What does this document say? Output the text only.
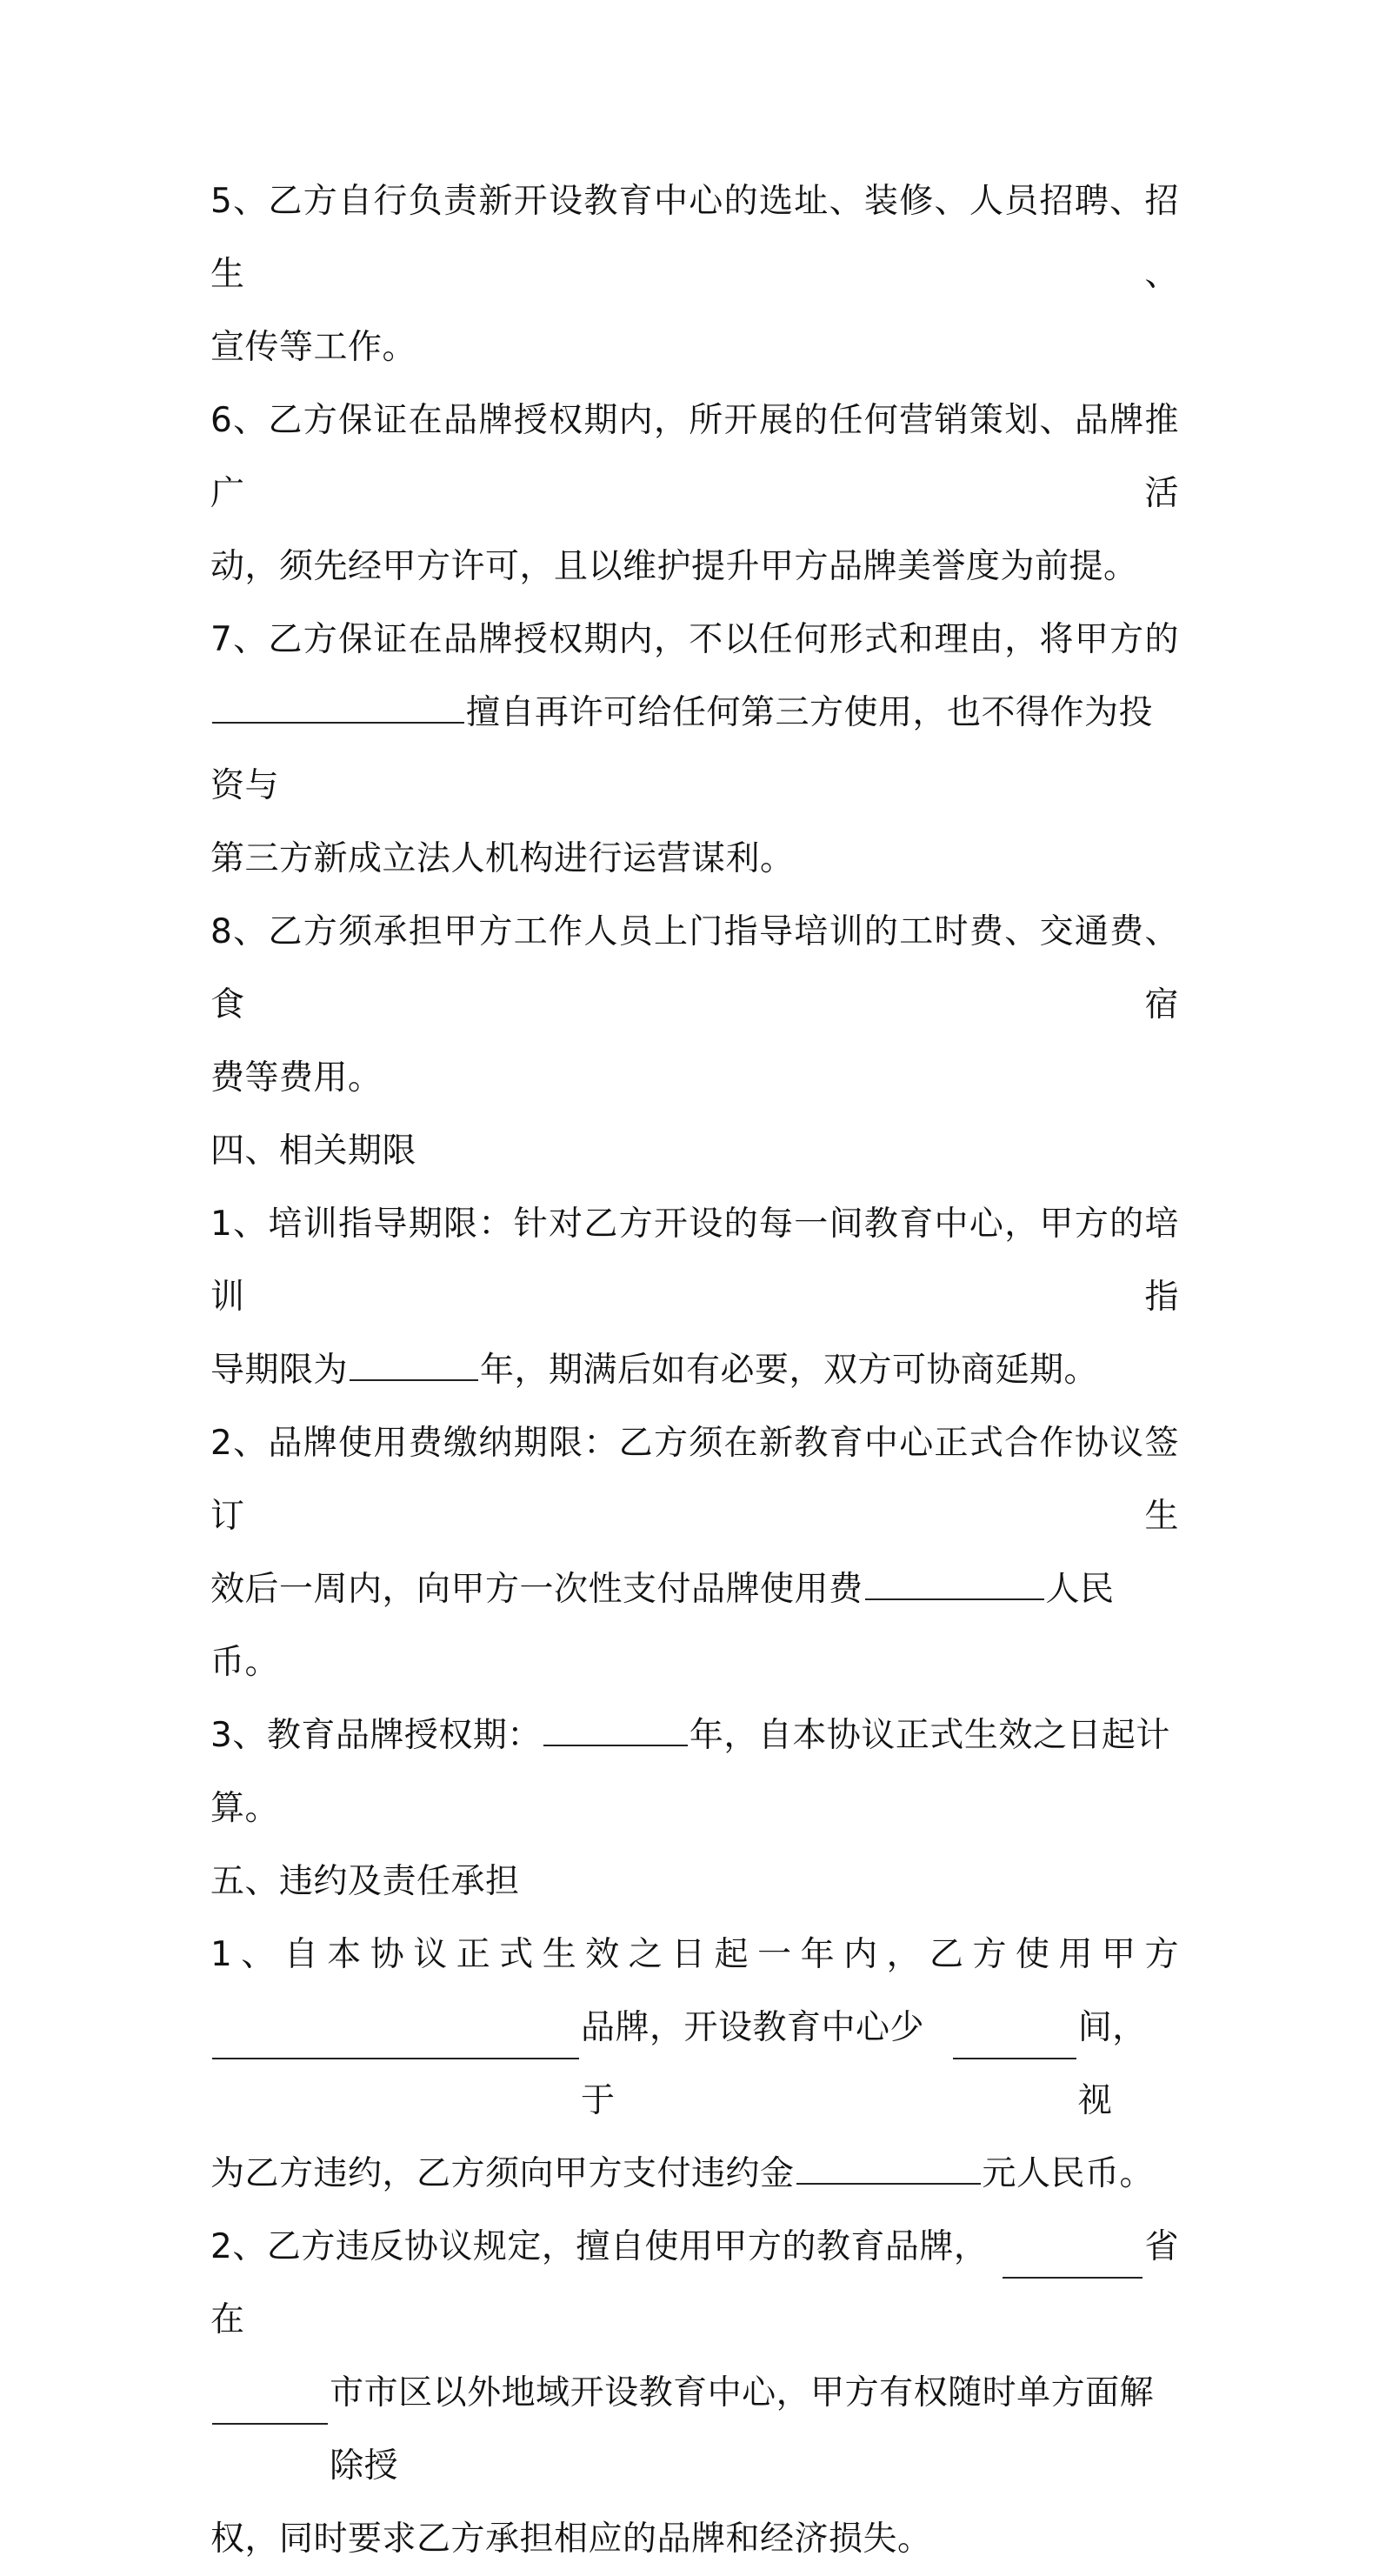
5、乙方自行负责新开设教育中心的选址、装修、人员招聘、招生、

宣传等工作。

6、乙方保证在品牌授权期内，所开展的任何营销策划、品牌推广活

动，须先经甲方许可，且以维护提升甲方品牌美誉度为前提。

7、乙方保证在品牌授权期内，不以任何形式和理由，将甲方的

擅自再许可给任何第三方使用，也不得作为投资与

第三方新成立法人机构进行运营谋利。

8、乙方须承担甲方工作人员上门指导培训的工时费、交通费、食宿

费等费用。

四、相关期限

1、培训指导期限：针对乙方开设的每一间教育中心，甲方的培训指

导期限为	年，期满后如有必要，双方可协商延期。

2、品牌使用费缴纳期限：乙方须在新教育中心正式合作协议签订生

效后一周内，向甲方一次性支付品牌使用费	人民币。

3、教育品牌授权期：	年，自本协议正式生效之日起计算。

五、违约及责任承担

1、自本协议正式生效之日起一年内，乙方使用甲方

品牌，开设教育中心少于
间，视

为乙方违约，乙方须向甲方支付违约金	元人民币。

2、乙方违反协议规定，擅自使用甲方的教育品牌，在
省

市市区以外地域开设教育中心，甲方有权随时单方面解除授

权，同时要求乙方承担相应的品牌和经济损失。
